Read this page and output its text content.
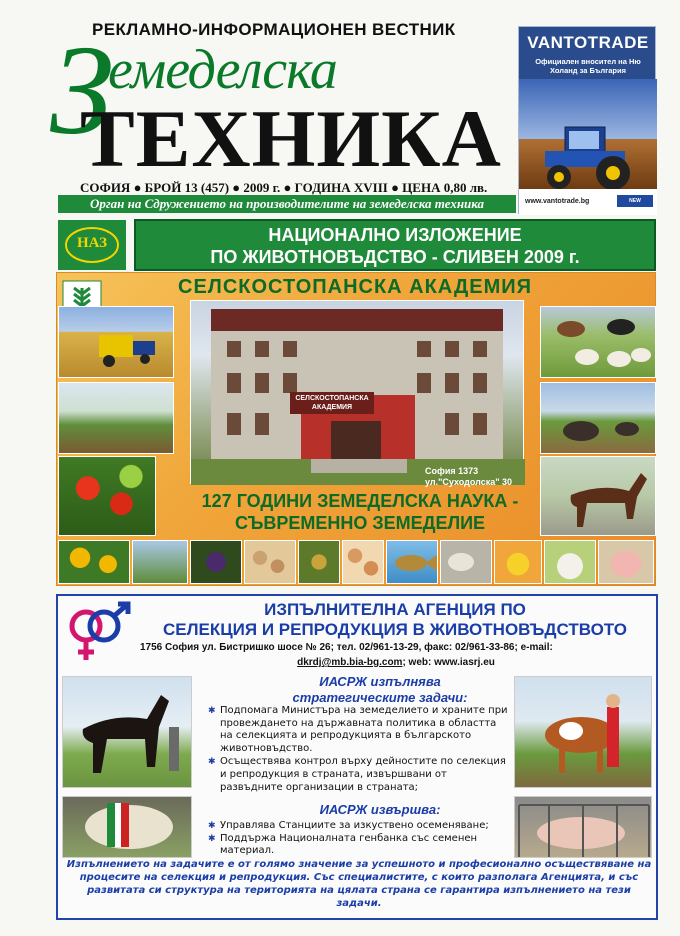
РЕКЛАМНО-ИНФОРМАЦИОНЕН ВЕСТНИК
З
емеделска
ТЕХНИКА
СОФИЯ ● БРОЙ 13 (457) ● 2009 г. ● ГОДИНА XVIII ● ЦЕНА 0,80 лв.
Орган на Сдружението на производителите на земеделска техника
VANTOTRADE
Официален вносител на Ню Холанд за България
www.vantotrade.bg	NEW HOLLAND
НАЗ	НАЦИОНАЛНО ИЗЛОЖЕНИЕ
ПО ЖИВОТНОВЪДСТВО - СЛИВЕН 2009 г.
СЕЛСКОСТОПАНСКА АКАДЕМИЯ
СЕЛСКОСТОПАНСКА
АКАДЕМИЯ
София 1373
ул."Суходолска" 30
127 ГОДИНИ ЗЕМЕДЕЛСКА НАУКА -
СЪВРЕМЕННО ЗЕМЕДЕЛИЕ
ИЗПЪЛНИТЕЛНА АГЕНЦИЯ ПО
СЕЛЕКЦИЯ И РЕПРОДУКЦИЯ В ЖИВОТНОВЪДСТВОТО
1756 София ул. Бистришко шосе № 26; тел. 02/961-13-29, факс: 02/961-33-86; e-mail:
dkrdj@mb.bia-bg.com; web: www.iasrj.eu
ИАСРЖ изпълнява
стратегическите задачи:
✱ Подпомага Министъра на земеделието и храните при провеждането на държавната политика в областта на селекцията и репродукцията в българското животновъдство.
✱ Осъществява контрол върху дейностите по селекция и репродукция в страната, извършвани от развъдните организации в страната;
ИАСРЖ извършва:
✱ Управлява Станциите за изкуствено осеменяване;
✱ Поддържа Националната генбанка със семенен материал.
Изпълнението на задачите е от голямо значение за успешното и професионално осъществяване на процесите на селекция и репродукция. Със специалистите, с които разполага Агенцията, и със развитата си структура на територията на цялата страна се гарантира изпълнението на тези задачи.
